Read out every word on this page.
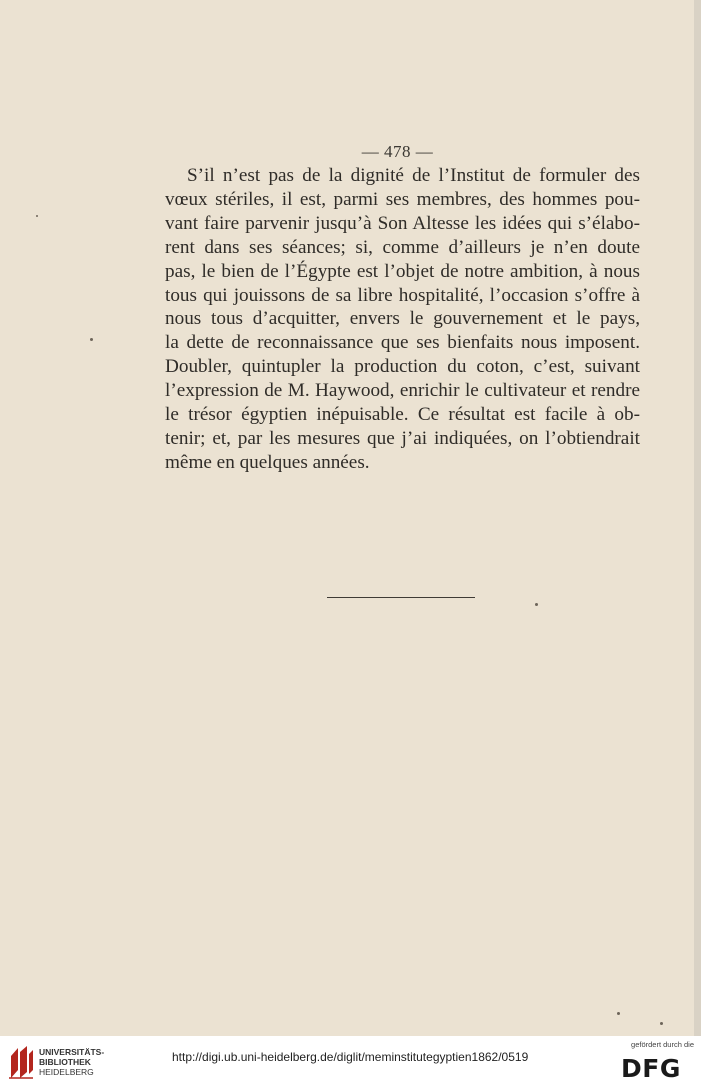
— 478 —
S’il n’est pas de la dignité de l’Institut de formuler des
vœux stériles, il est, parmi ses membres, des hommes pou-
vant faire parvenir jusqu’à Son Altesse les idées qui s’élabo-
rent dans ses séances; si, comme d’ailleurs je n’en doute
pas, le bien de l’Égypte est l’objet de notre ambition, à nous
tous qui jouissons de sa libre hospitalité, l’occasion s’offre à
nous tous d’acquitter, envers le gouvernement et le pays,
la dette de reconnaissance que ses bienfaits nous imposent.
Doubler, quintupler la production du coton, c’est, suivant
l’expression de M. Haywood, enrichir le cultivateur et rendre
le trésor égyptien inépuisable. Ce résultat est facile à ob-
tenir; et, par les mesures que j’ai indiquées, on l’obtiendrait
même en quelques années.
UNIVERSITÄTS-
BIBLIOTHEK
HEIDELBERG
http://digi.ub.uni-heidelberg.de/diglit/meminstitutegyptien1862/0519
gefördert durch die
DFG
